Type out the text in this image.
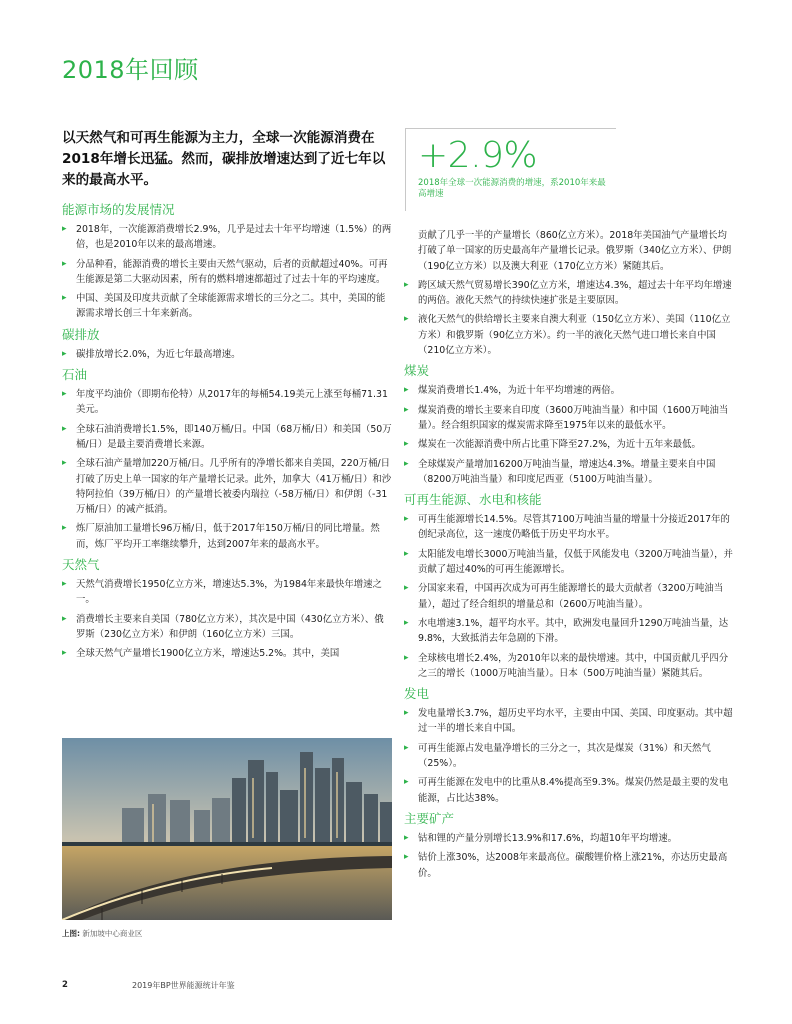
2018年回顾
以天然气和可再生能源为主力，全球一次能源消费在2018年增长迅猛。然而，碳排放增速达到了近七年以来的最高水平。
+2.9%
2018年全球一次能源消费的增速，系2010年来最高增速
能源市场的发展情况
▸ 2018年，一次能源消费增长2.9%，几乎是过去十年平均增速（1.5%）的两倍，也是2010年以来的最高增速。
▸ 分品种看，能源消费的增长主要由天然气驱动，后者的贡献超过40%。可再生能源是第二大驱动因素，所有的燃料增速都超过了过去十年的平均速度。
▸ 中国、美国及印度共贡献了全球能源需求增长的三分之二。其中，美国的能源需求增长创三十年来新高。
碳排放
▸ 碳排放增长2.0%，为近七年最高增速。
石油
▸ 年度平均油价（即期布伦特）从2017年的每桶54.19美元上涨至每桶71.31美元。
▸ 全球石油消费增长1.5%，即140万桶/日。中国（68万桶/日）和美国（50万桶/日）是最主要消费增长来源。
▸ 全球石油产量增加220万桶/日。几乎所有的净增长都来自美国，220万桶/日打破了历史上单一国家的年产量增长记录。此外，加拿大（41万桶/日）和沙特阿拉伯（39万桶/日）的产量增长被委内瑞拉（-58万桶/日）和伊朗（-31万桶/日）的减产抵消。
▸ 炼厂原油加工量增长96万桶/日，低于2017年150万桶/日的同比增量。然而，炼厂平均开工率继续攀升，达到2007年来的最高水平。
天然气
▸ 天然气消费增长1950亿立方米，增速达5.3%，为1984年来最快年增速之一。
▸ 消费增长主要来自美国（780亿立方米），其次是中国（430亿立方米）、俄罗斯（230亿立方米）和伊朗（160亿立方米）三国。
▸ 全球天然气产量增长1900亿立方米，增速达5.2%。其中，美国
上图: 新加坡中心商业区
贡献了几乎一半的产量增长（860亿立方米）。2018年美国油气产量增长均打破了单一国家的历史最高年产量增长记录。俄罗斯（340亿立方米）、伊朗（190亿立方米）以及澳大利亚（170亿立方米）紧随其后。
▸ 跨区域天然气贸易增长390亿立方米，增速达4.3%，超过去十年平均年增速的两倍。液化天然气的持续快速扩张是主要原因。
▸ 液化天然气的供给增长主要来自澳大利亚（150亿立方米）、美国（110亿立方米）和俄罗斯（90亿立方米）。约一半的液化天然气进口增长来自中国（210亿立方米）。
煤炭
▸ 煤炭消费增长1.4%，为近十年平均增速的两倍。
▸ 煤炭消费的增长主要来自印度（3600万吨油当量）和中国（1600万吨油当量）。经合组织国家的煤炭需求降至1975年以来的最低水平。
▸ 煤炭在一次能源消费中所占比重下降至27.2%，为近十五年来最低。
▸ 全球煤炭产量增加16200万吨油当量，增速达4.3%。增量主要来自中国（8200万吨油当量）和印度尼西亚（5100万吨油当量）。
可再生能源、水电和核能
▸ 可再生能源增长14.5%。尽管其7100万吨油当量的增量十分接近2017年的创纪录高位，这一速度仍略低于历史平均水平。
▸ 太阳能发电增长3000万吨油当量，仅低于风能发电（3200万吨油当量），并贡献了超过40%的可再生能源增长。
▸ 分国家来看，中国再次成为可再生能源增长的最大贡献者（3200万吨油当量），超过了经合组织的增量总和（2600万吨油当量）。
▸ 水电增速3.1%，超平均水平。其中，欧洲发电量回升1290万吨油当量，达9.8%，大致抵消去年急剧的下滑。
▸ 全球核电增长2.4%，为2010年以来的最快增速。其中，中国贡献几乎四分之三的增长（1000万吨油当量）。日本（500万吨油当量）紧随其后。
发电
▸ 发电量增长3.7%，超历史平均水平，主要由中国、美国、印度驱动。其中超过一半的增长来自中国。
▸ 可再生能源占发电量净增长的三分之一，其次是煤炭（31%）和天然气（25%）。
▸ 可再生能源在发电中的比重从8.4%提高至9.3%。煤炭仍然是最主要的发电能源，占比达38%。
主要矿产
▸ 钴和锂的产量分别增长13.9%和17.6%，均超10年平均增速。
▸ 钴价上涨30%，达2008年来最高位。碳酸锂价格上涨21%，亦达历史最高价。
2	2019年BP世界能源统计年鉴
